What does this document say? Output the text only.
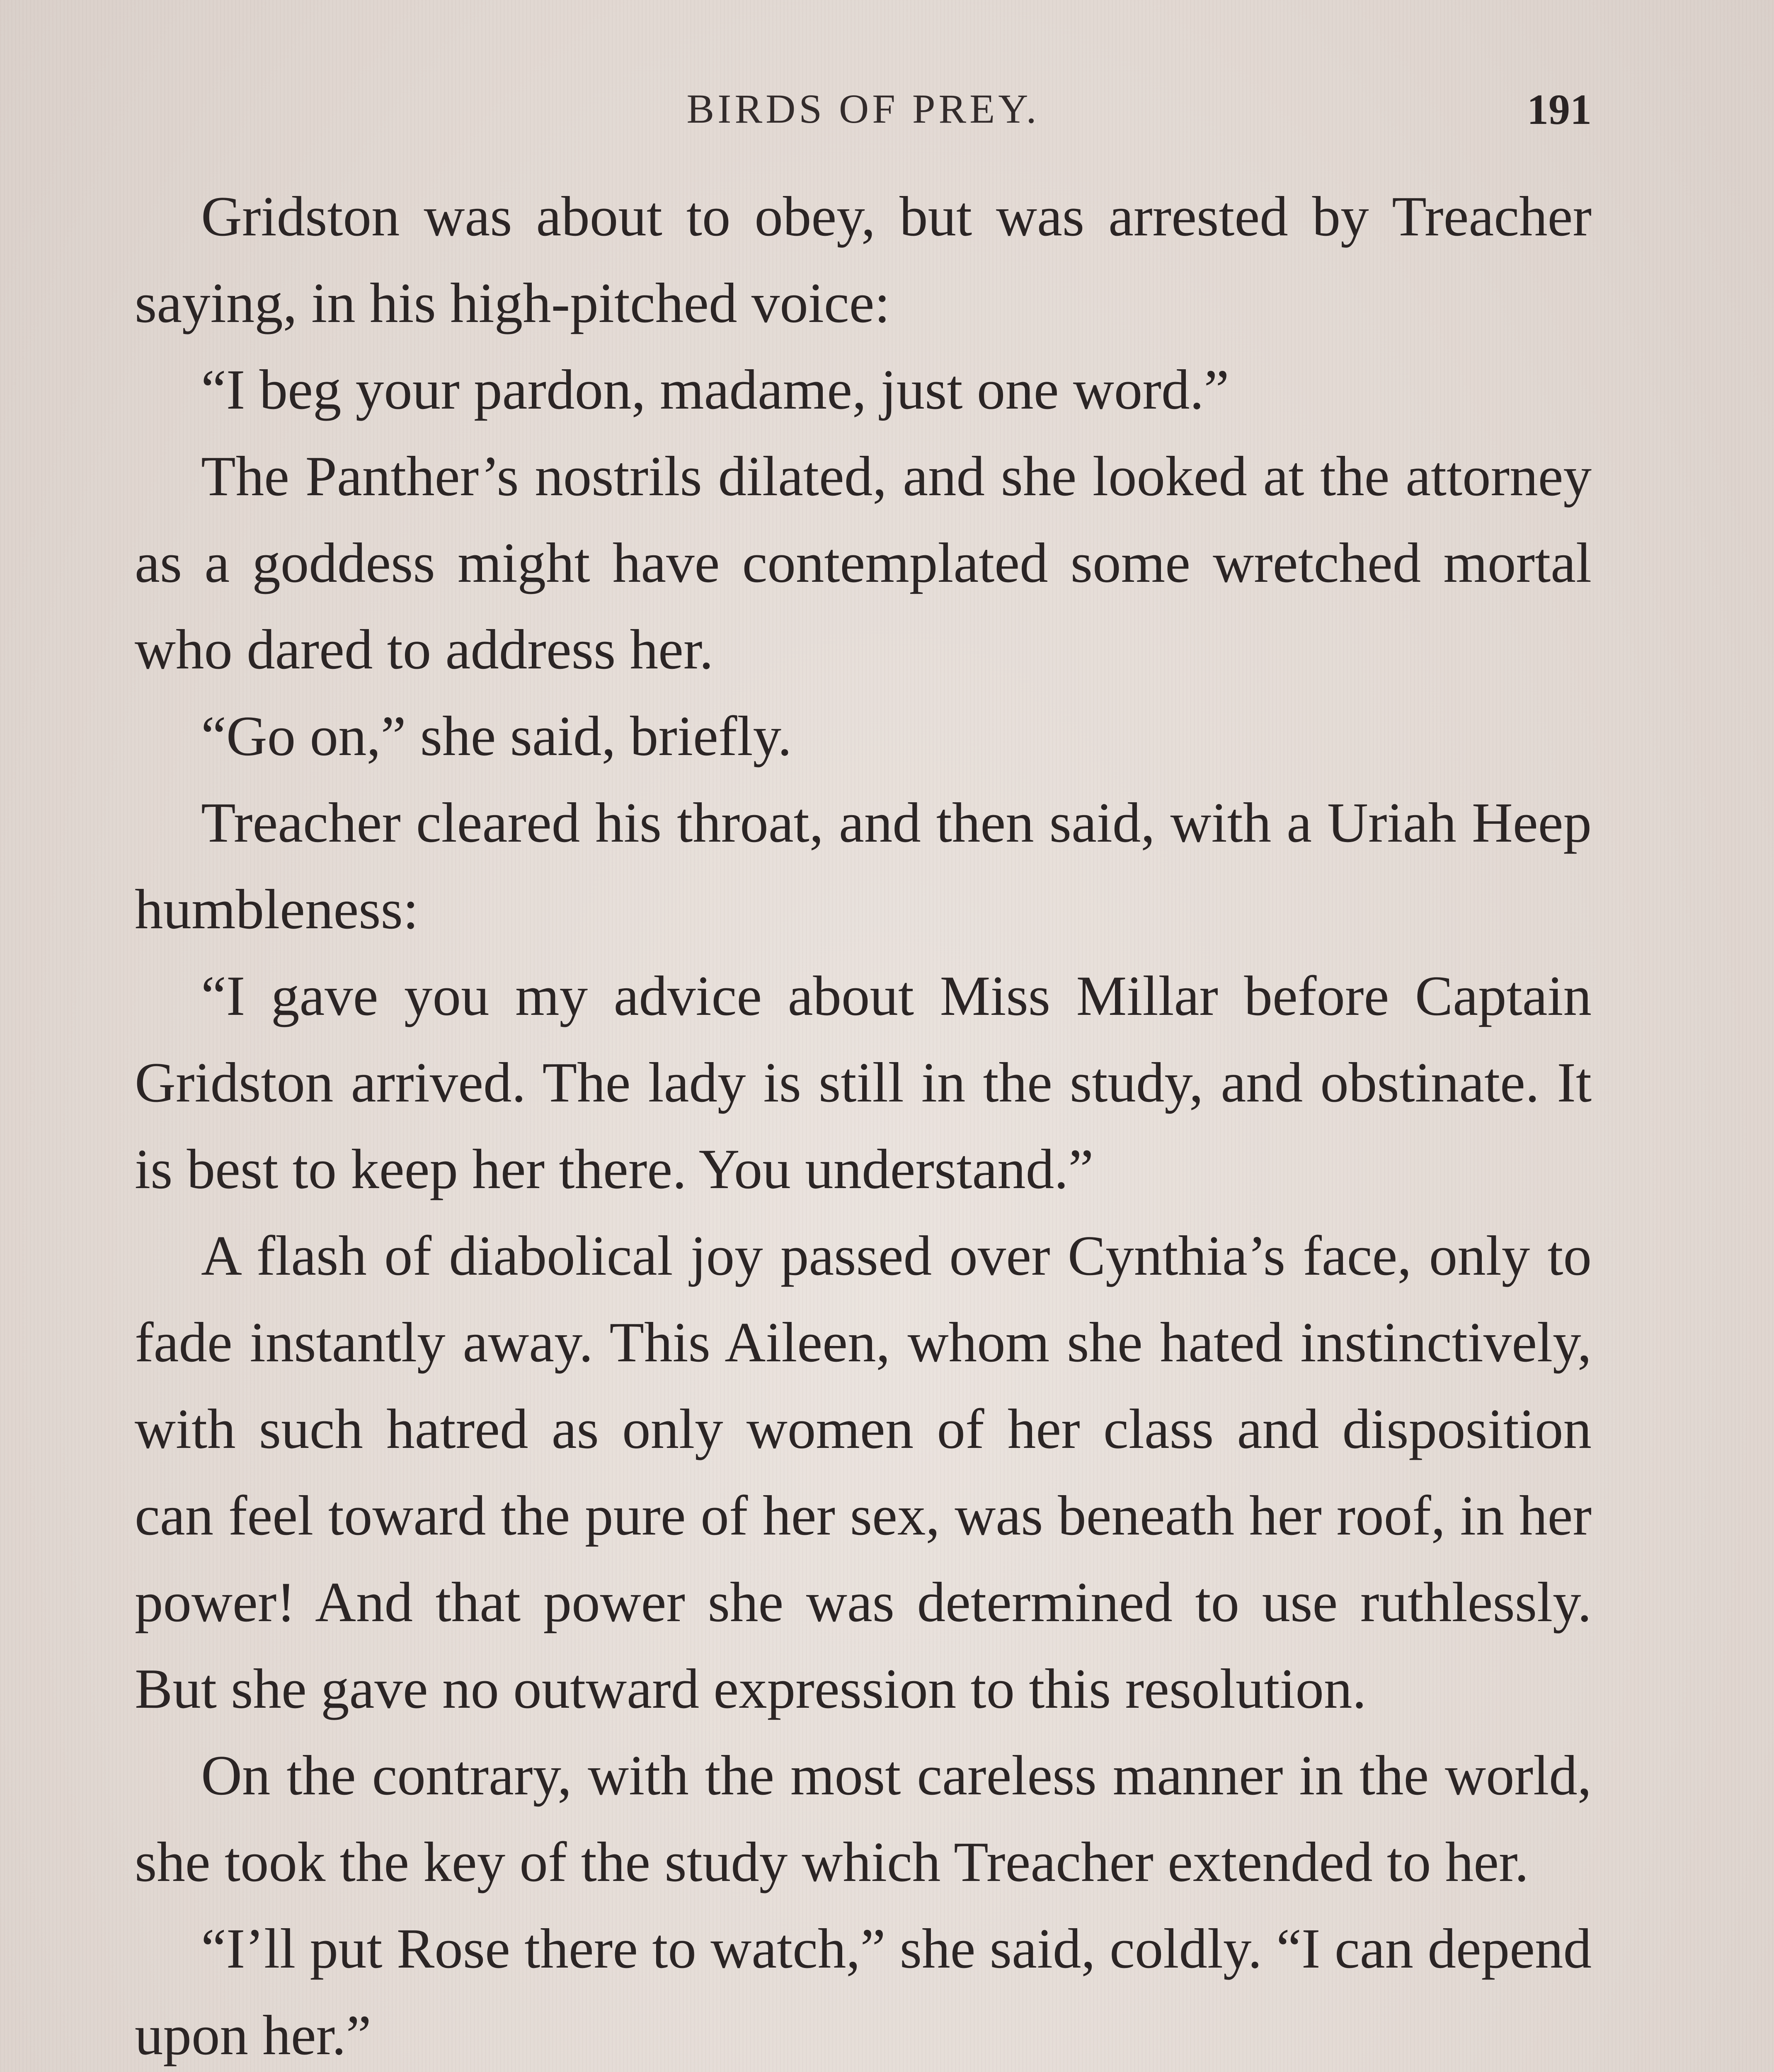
BIRDS OF PREY.	191

Gridston was about to obey, but was arrested by Treacher saying, in his high-pitched voice:

“I beg your pardon, madame, just one word.”

The Panther’s nostrils dilated, and she looked at the attorney as a goddess might have contemplated some wretched mortal who dared to address her.

“Go on,” she said, briefly.

Treacher cleared his throat, and then said, with a Uriah Heep humbleness:

“I gave you my advice about Miss Millar before Captain Gridston arrived. The lady is still in the study, and obstinate. It is best to keep her there. You understand.”

A flash of diabolical joy passed over Cynthia’s face, only to fade instantly away. This Aileen, whom she hated instinctively, with such hatred as only women of her class and disposition can feel toward the pure of her sex, was beneath her roof, in her power! And that power she was determined to use ruthlessly. But she gave no outward expression to this resolution.

On the contrary, with the most careless manner in the world, she took the key of the study which Treacher extended to her.

“I’ll put Rose there to watch,” she said, coldly. “I can depend upon her.”
